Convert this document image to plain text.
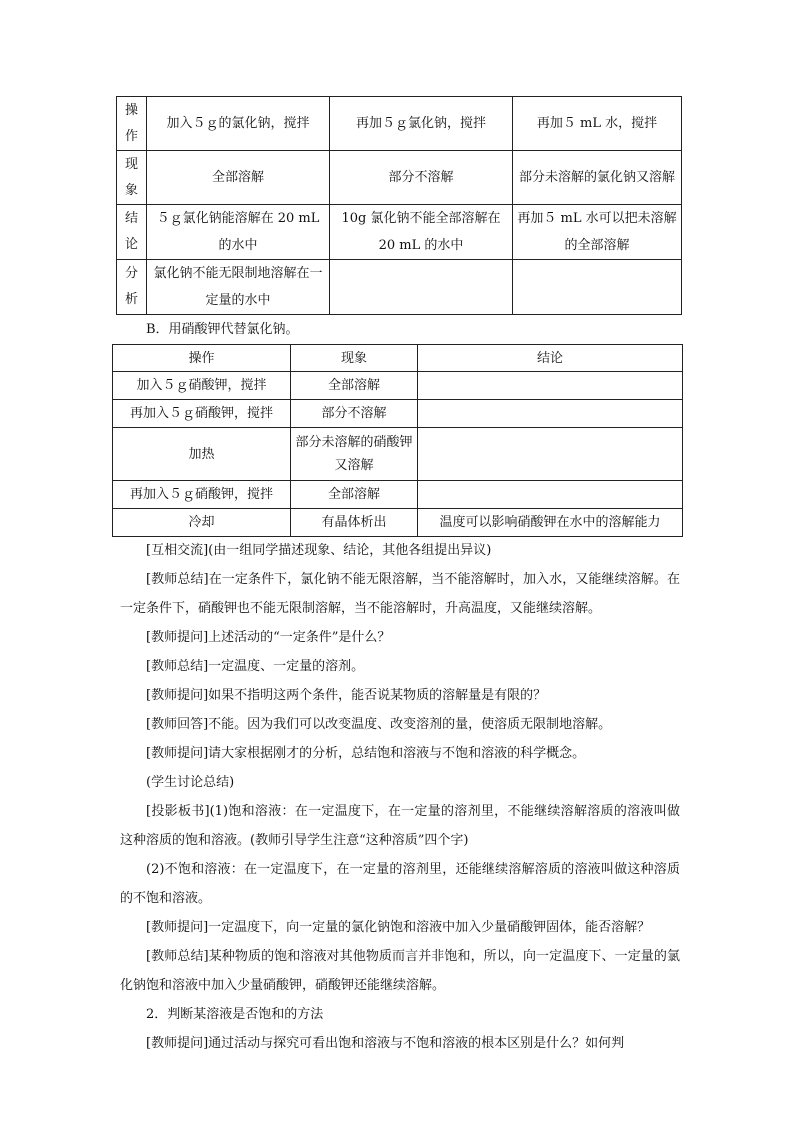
操作	加入５ｇ的氯化钠，搅拌	再加５ｇ氯化钠，搅拌	再加５ mL 水，搅拌
现象	全部溶解	部分不溶解	部分未溶解的氯化钠又溶解
结论	５ｇ氯化钠能溶解在 20 mL 的水中	10g 氯化钠不能全部溶解在 20 mL 的水中	再加５ mL 水可以把未溶解的全部溶解
分析	氯化钠不能无限制地溶解在一定量的水中		
B．用硝酸钾代替氯化钠。
操作	现象	结论
加入５ｇ硝酸钾，搅拌	全部溶解	
再加入５ｇ硝酸钾，搅拌	部分不溶解	
加热	部分未溶解的硝酸钾又溶解	
再加入５ｇ硝酸钾，搅拌	全部溶解	
冷却	有晶体析出	温度可以影响硝酸钾在水中的溶解能力
[互相交流](由一组同学描述现象、结论，其他各组提出异议)
[教师总结]在一定条件下，氯化钠不能无限溶解，当不能溶解时，加入水，又能继续溶解。在一定条件下，硝酸钾也不能无限制溶解，当不能溶解时，升高温度，又能继续溶解。
[教师提问]上述活动的“一定条件”是什么？
[教师总结]一定温度、一定量的溶剂。
[教师提问]如果不指明这两个条件，能否说某物质的溶解量是有限的？
[教师回答]不能。因为我们可以改变温度、改变溶剂的量，使溶质无限制地溶解。
[教师提问]请大家根据刚才的分析，总结饱和溶液与不饱和溶液的科学概念。
(学生讨论总结)
[投影板书](1)饱和溶液：在一定温度下，在一定量的溶剂里，不能继续溶解溶质的溶液叫做这种溶质的饱和溶液。(教师引导学生注意“这种溶质”四个字)
(2)不饱和溶液：在一定温度下，在一定量的溶剂里，还能继续溶解溶质的溶液叫做这种溶质的不饱和溶液。
[教师提问]一定温度下，向一定量的氯化钠饱和溶液中加入少量硝酸钾固体，能否溶解？
[教师总结]某种物质的饱和溶液对其他物质而言并非饱和，所以，向一定温度下、一定量的氯化钠饱和溶液中加入少量硝酸钾，硝酸钾还能继续溶解。
2．判断某溶液是否饱和的方法
[教师提问]通过活动与探究可看出饱和溶液与不饱和溶液的根本区别是什么？如何判
